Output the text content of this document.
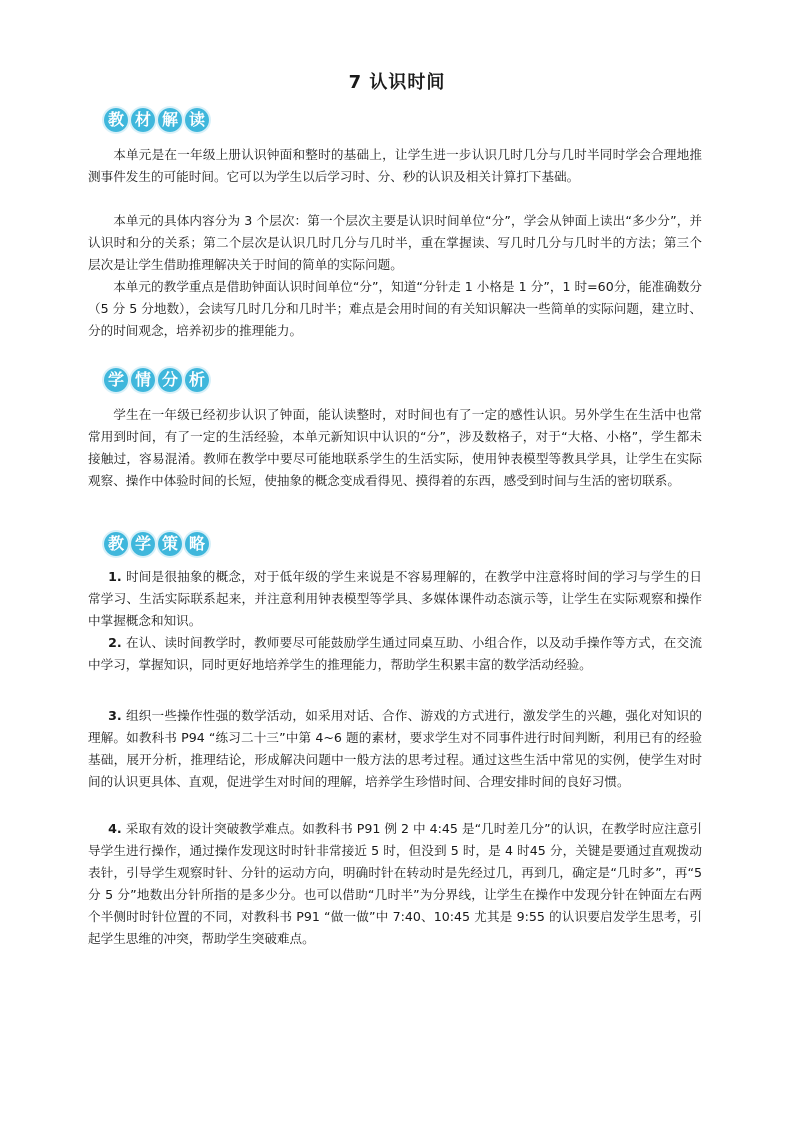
7 认识时间
教 材 解 读

本单元是在一年级上册认识钟面和整时的基础上，让学生进一步认识几时几分与几时半同时学会合理地推测事件发生的可能时间。它可以为学生以后学习时、分、秒的认识及相关计算打下基础。

本单元的具体内容分为 3 个层次：第一个层次主要是认识时间单位“分”，学会从钟面上读出“多少分”，并认识时和分的关系；第二个层次是认识几时几分与几时半，重在掌握读、写几时几分与几时半的方法；第三个层次是让学生借助推理解决关于时间的简单的实际问题。

本单元的教学重点是借助钟面认识时间单位“分”，知道“分针走 1 小格是 1 分”，1 时=60分，能准确数分（5 分 5 分地数），会读写几时几分和几时半；难点是会用时间的有关知识解决一些简单的实际问题，建立时、分的时间观念，培养初步的推理能力。

学 情 分 析

学生在一年级已经初步认识了钟面，能认读整时，对时间也有了一定的感性认识。另外学生在生活中也常常用到时间，有了一定的生活经验，本单元新知识中认识的“分”，涉及数格子，对于“大格、小格”，学生都未接触过，容易混淆。教师在教学中要尽可能地联系学生的生活实际，使用钟表模型等教具学具，让学生在实际观察、操作中体验时间的长短，使抽象的概念变成看得见、摸得着的东西，感受到时间与生活的密切联系。

教 学 策 略

1. 时间是很抽象的概念，对于低年级的学生来说是不容易理解的，在教学中注意将时间的学习与学生的日常学习、生活实际联系起来，并注意利用钟表模型等学具、多媒体课件动态演示等，让学生在实际观察和操作中掌握概念和知识。

2. 在认、读时间教学时，教师要尽可能鼓励学生通过同桌互助、小组合作，以及动手操作等方式，在交流中学习，掌握知识，同时更好地培养学生的推理能力，帮助学生积累丰富的数学活动经验。

3. 组织一些操作性强的数学活动，如采用对话、合作、游戏的方式进行，激发学生的兴趣，强化对知识的理解。如教科书 P94 “练习二十三”中第 4~6 题的素材，要求学生对不同事件进行时间判断，利用已有的经验基础，展开分析，推理结论，形成解决问题中一般方法的思考过程。通过这些生活中常见的实例，使学生对时间的认识更具体、直观，促进学生对时间的理解，培养学生珍惜时间、合理安排时间的良好习惯。

4. 采取有效的设计突破教学难点。如教科书 P91 例 2 中 4:45 是“几时差几分”的认识，在教学时应注意引导学生进行操作，通过操作发现这时时针非常接近 5 时，但没到 5 时，是 4 时45 分，关键是要通过直观拨动表针，引导学生观察时针、分针的运动方向，明确时针在转动时是先经过几，再到几，确定是“几时多”，再“5 分 5 分”地数出分针所指的是多少分。也可以借助“几时半”为分界线，让学生在操作中发现分针在钟面左右两个半侧时时针位置的不同，对教科书 P91 “做一做”中 7:40、10:45 尤其是 9:55 的认识要启发学生思考，引起学生思维的冲突，帮助学生突破难点。
